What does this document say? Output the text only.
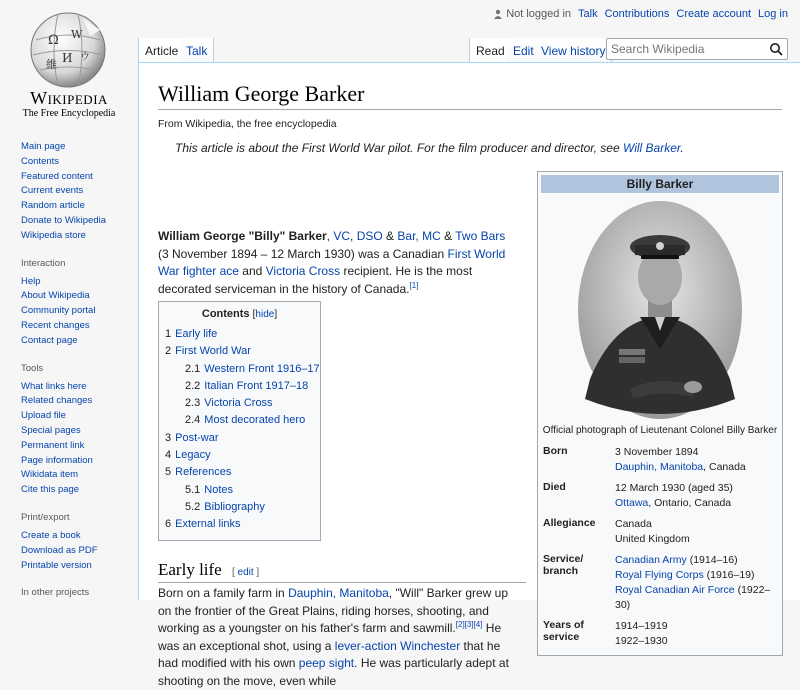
Ω W
И ウ
維
Wikipedia
The Free Encyclopedia
Not logged in Talk Contributions Create account Log in
Article Talk	Read Edit View history
Search Wikipedia
Main page
Contents
Featured content
Current events
Random article
Donate to Wikipedia
Wikipedia store
Interaction
Help
About Wikipedia
Community portal
Recent changes
Contact page
Tools
What links here
Related changes
Upload file
Special pages
Permanent link
Page information
Wikidata item
Cite this page
Print/export
Create a book
Download as PDF
Printable version
In other projects
William George Barker
From Wikipedia, the free encyclopedia
This article is about the First World War pilot. For the film producer and director, see Will Barker.

William George "Billy" Barker, VC, DSO & Bar, MC & Two Bars (3 November 1894 – 12 March 1930) was a Canadian First World War fighter ace and Victoria Cross recipient. He is the most decorated serviceman in the history of Canada.[1]

Contents [hide]
1 Early life
2 First World War
2.1 Western Front 1916–17
2.2 Italian Front 1917–18
2.3 Victoria Cross
2.4 Most decorated hero
3 Post-war
4 Legacy
5 References
5.1 Notes
5.2 Bibliography
6 External links
Early life [ edit ]

Born on a family farm in Dauphin, Manitoba, "Will" Barker grew up on the frontier of the Great Plains, riding horses, shooting, and working as a youngster on his father's farm and sawmill.[2][3][4] He was an exceptional shot, using a lever-action Winchester that he had modified with his own peep sight. He was particularly adept at shooting on the move, even while

Billy Barker
Official photograph of Lieutenant Colonel Billy Barker
Born	3 November 1894
Dauphin, Manitoba, Canada

Died	12 March 1930 (aged 35)
Ottawa, Ontario, Canada

Allegiance	Canada
United Kingdom

Service/ branch	Canadian Army (1914–16)
Royal Flying Corps (1916–19)
Royal Canadian Air Force (1922–30)

Years of service	1914–1919
1922–1930
